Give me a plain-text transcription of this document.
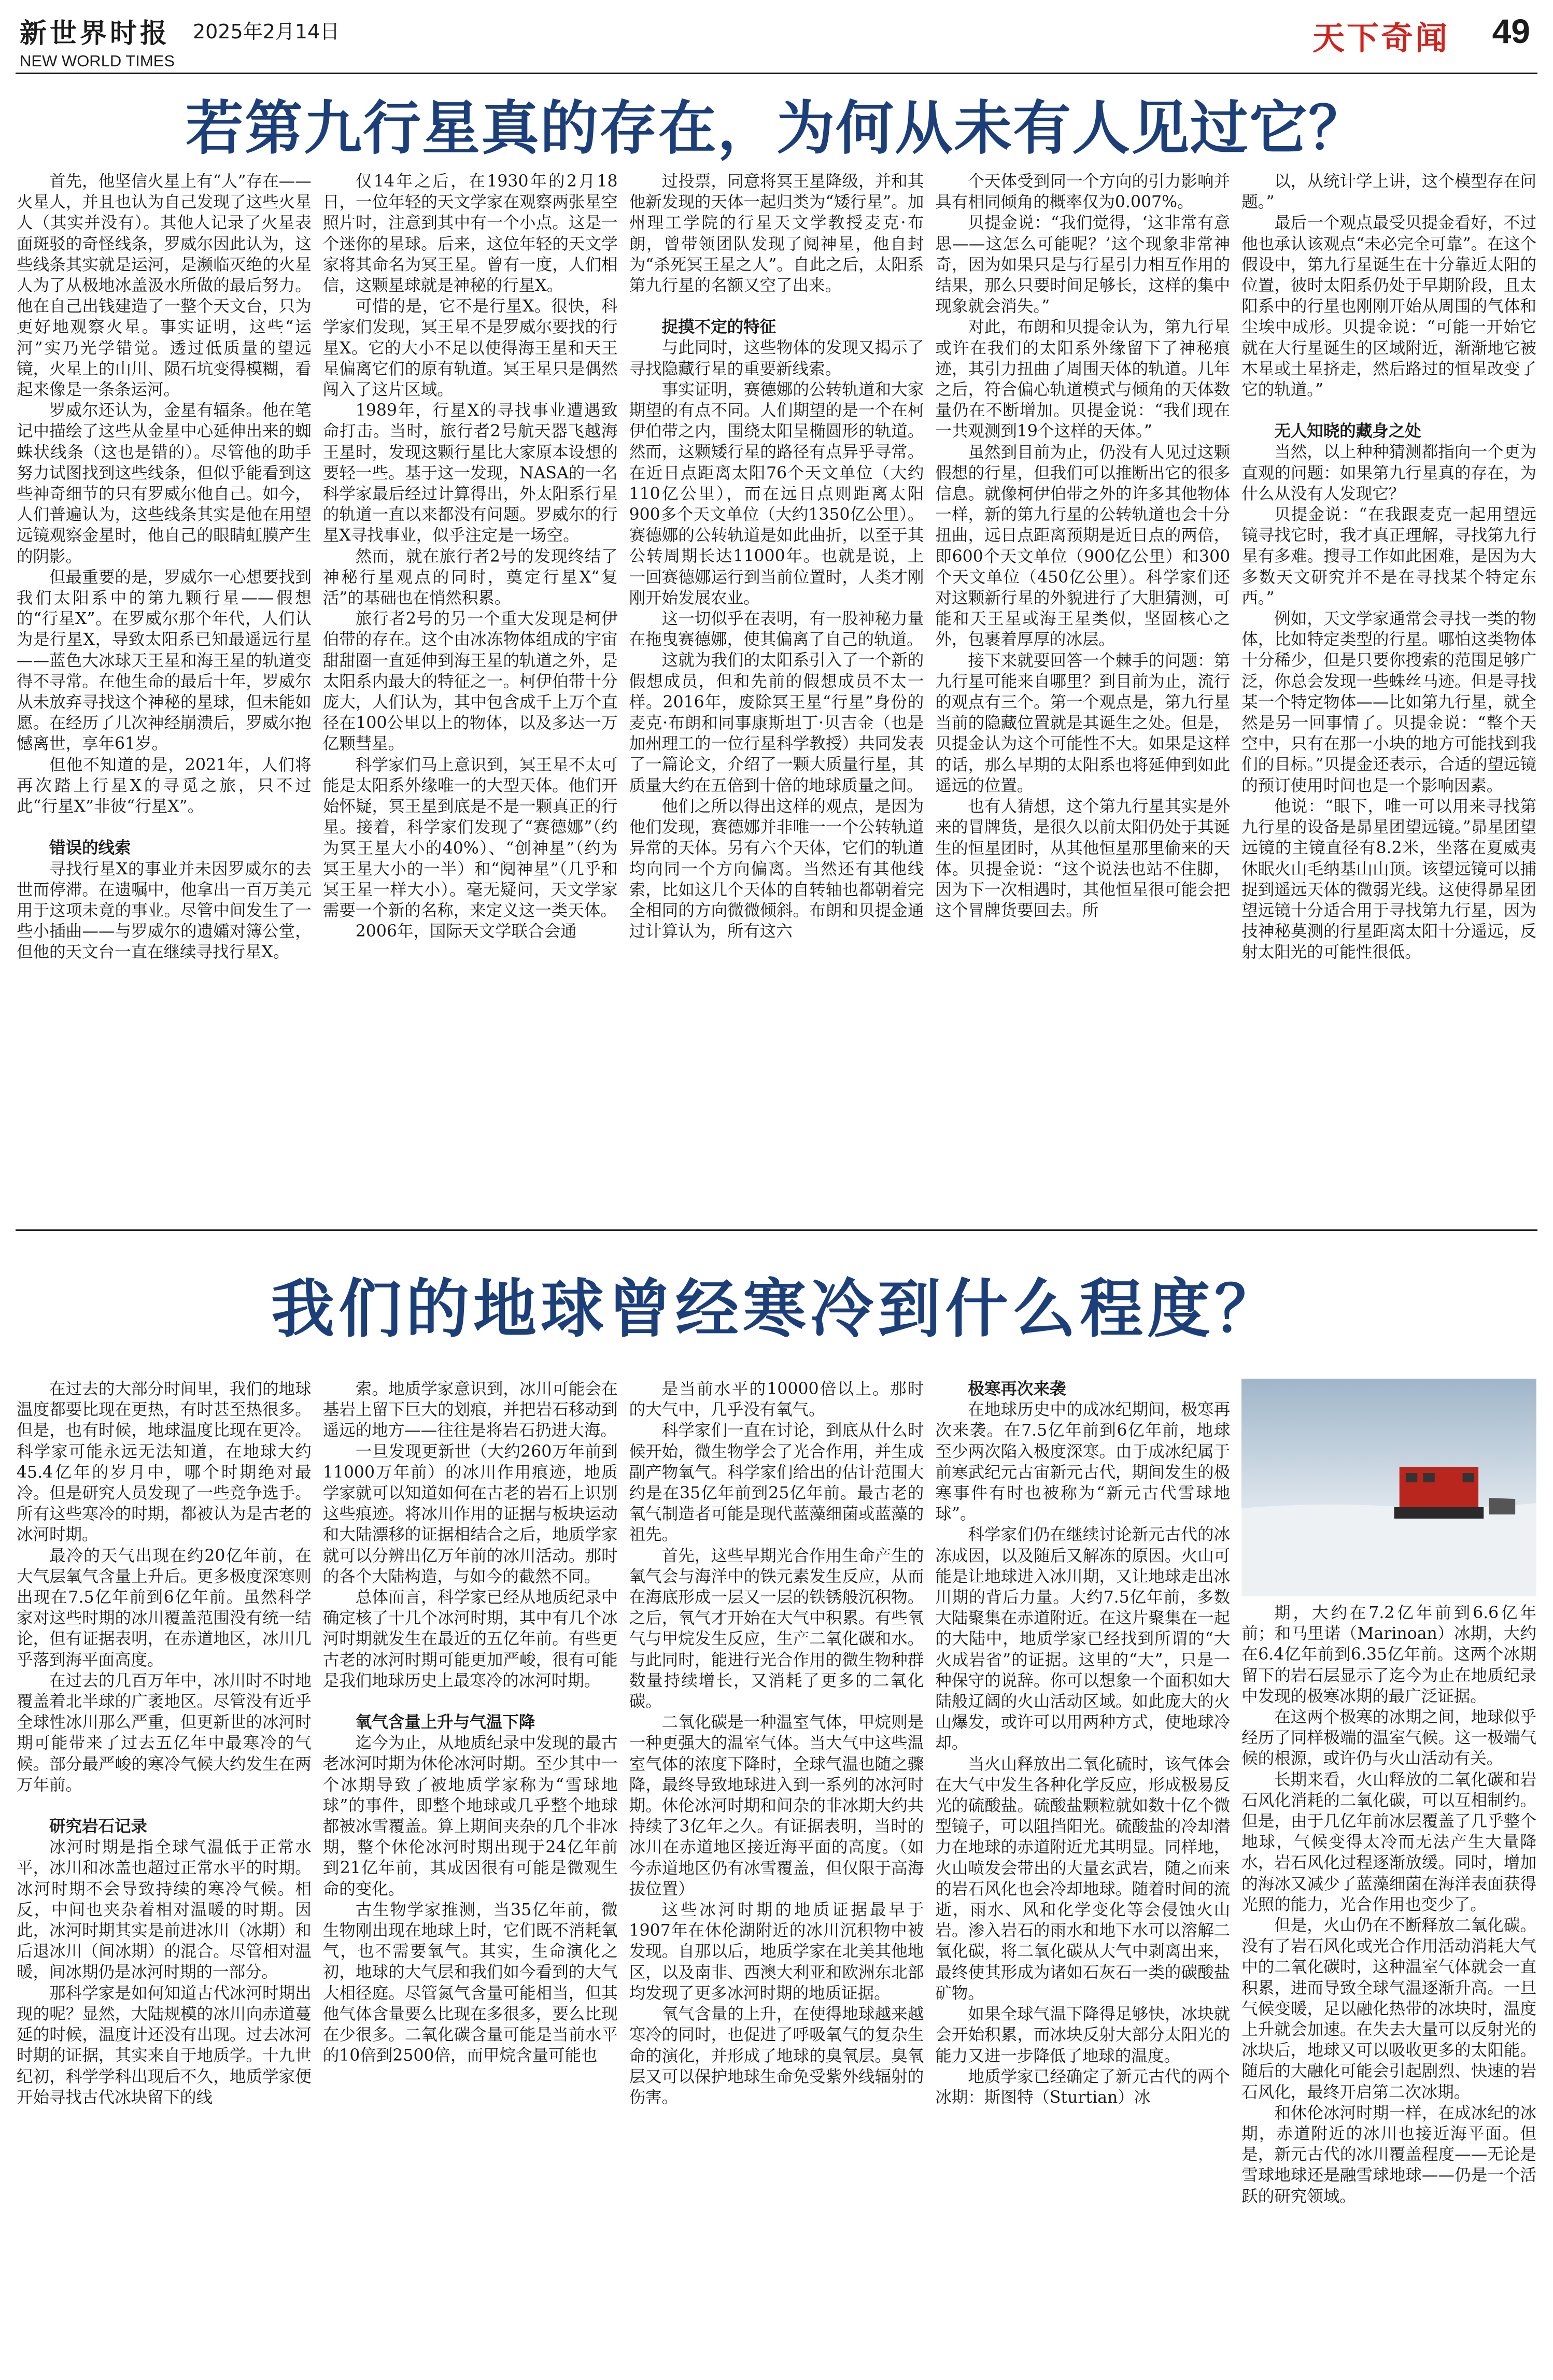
新世界时报 2025年2月14日
NEW WORLD TIMES
天下奇闻 49
若第九行星真的存在，为何从未有人见过它？

首先，他坚信火星上有“人”存在——火星人，并且也认为自己发现了这些火星人（其实并没有）。其他人记录了火星表面斑驳的奇怪线条，罗威尔因此认为，这些线条其实就是运河，是濒临灭绝的火星人为了从极地冰盖汲水所做的最后努力。他在自己出钱建造了一整个天文台，只为更好地观察火星。事实证明，这些“运河”实乃光学错觉。透过低质量的望远镜，火星上的山川、陨石坑变得模糊，看起来像是一条条运河。

罗威尔还认为，金星有辐条。他在笔记中描绘了这些从金星中心延伸出来的蜘蛛状线条（这也是错的）。尽管他的助手努力试图找到这些线条，但似乎能看到这些神奇细节的只有罗威尔他自己。如今，人们普遍认为，这些线条其实是他在用望远镜观察金星时，他自己的眼睛虹膜产生的阴影。

但最重要的是，罗威尔一心想要找到我们太阳系中的第九颗行星——假想的“行星X”。在罗威尔那个年代，人们认为是行星X，导致太阳系已知最遥远行星——蓝色大冰球天王星和海王星的轨道变得不寻常。在他生命的最后十年，罗威尔从未放弃寻找这个神秘的星球，但未能如愿。在经历了几次神经崩溃后，罗威尔抱憾离世，享年61岁。

但他不知道的是，2021年，人们将再次踏上行星X的寻觅之旅，只不过此“行星X”非彼“行星X”。

错误的线索

寻找行星X的事业并未因罗威尔的去世而停滞。在遗嘱中，他拿出一百万美元用于这项未竟的事业。尽管中间发生了一些小插曲——与罗威尔的遗孀对簿公堂，但他的天文台一直在继续寻找行星X。

仅14年之后，在1930年的2月18日，一位年轻的天文学家在观察两张星空照片时，注意到其中有一个小点。这是一个迷你的星球。后来，这位年轻的天文学家将其命名为冥王星。曾有一度，人们相信，这颗星球就是神秘的行星X。

可惜的是，它不是行星X。很快，科学家们发现，冥王星不是罗威尔要找的行星X。它的大小不足以使得海王星和天王星偏离它们的原有轨道。冥王星只是偶然闯入了这片区域。

1989年，行星X的寻找事业遭遇致命打击。当时，旅行者2号航天器飞越海王星时，发现这颗行星比大家原本设想的要轻一些。基于这一发现，NASA的一名科学家最后经过计算得出，外太阳系行星的轨道一直以来都没有问题。罗威尔的行星X寻找事业，似乎注定是一场空。

然而，就在旅行者2号的发现终结了神秘行星观点的同时，奠定行星X“复活”的基础也在悄然积累。

旅行者2号的另一个重大发现是柯伊伯带的存在。这个由冰冻物体组成的宇宙甜甜圈一直延伸到海王星的轨道之外，是太阳系内最大的特征之一。柯伊伯带十分庞大，人们认为，其中包含成千上万个直径在100公里以上的物体，以及多达一万亿颗彗星。

科学家们马上意识到，冥王星不太可能是太阳系外缘唯一的大型天体。他们开始怀疑，冥王星到底是不是一颗真正的行星。接着，科学家们发现了“赛德娜”（约为冥王星大小的40%）、“创神星”（约为冥王星大小的一半）和“阋神星”（几乎和冥王星一样大小）。毫无疑问，天文学家需要一个新的名称，来定义这一类天体。

2006年，国际天文学联合会通

过投票，同意将冥王星降级，并和其他新发现的天体一起归类为“矮行星”。加州理工学院的行星天文学教授麦克·布朗，曾带领团队发现了阋神星，他自封为“杀死冥王星之人”。自此之后，太阳系第九行星的名额又空了出来。

捉摸不定的特征

与此同时，这些物体的发现又揭示了寻找隐藏行星的重要新线索。

事实证明，赛德娜的公转轨道和大家期望的有点不同。人们期望的是一个在柯伊伯带之内，围绕太阳呈椭圆形的轨道。然而，这颗矮行星的路径有点异乎寻常。在近日点距离太阳76个天文单位（大约110亿公里），而在远日点则距离太阳900多个天文单位（大约1350亿公里）。赛德娜的公转轨道是如此曲折，以至于其公转周期长达11000年。也就是说，上一回赛德娜运行到当前位置时，人类才刚刚开始发展农业。

这一切似乎在表明，有一股神秘力量在拖曳赛德娜，使其偏离了自己的轨道。

这就为我们的太阳系引入了一个新的假想成员，但和先前的假想成员不太一样。2016年，废除冥王星“行星”身份的麦克·布朗和同事康斯坦丁·贝吉金（也是加州理工的一位行星科学教授）共同发表了一篇论文，介绍了一颗大质量行星，其质量大约在五倍到十倍的地球质量之间。

他们之所以得出这样的观点，是因为他们发现，赛德娜并非唯一一个公转轨道异常的天体。另有六个天体，它们的轨道均向同一个方向偏离。当然还有其他线索，比如这几个天体的自转轴也都朝着完全相同的方向微微倾斜。布朗和贝提金通过计算认为，所有这六

个天体受到同一个方向的引力影响并具有相同倾角的概率仅为0.007%。

贝提金说：“我们觉得，‘这非常有意思——这怎么可能呢？’这个现象非常神奇，因为如果只是与行星引力相互作用的结果，那么只要时间足够长，这样的集中现象就会消失。”

对此，布朗和贝提金认为，第九行星或许在我们的太阳系外缘留下了神秘痕迹，其引力扭曲了周围天体的轨道。几年之后，符合偏心轨道模式与倾角的天体数量仍在不断增加。贝提金说：“我们现在一共观测到19个这样的天体。”

虽然到目前为止，仍没有人见过这颗假想的行星，但我们可以推断出它的很多信息。就像柯伊伯带之外的许多其他物体一样，新的第九行星的公转轨道也会十分扭曲，远日点距离预期是近日点的两倍，即600个天文单位（900亿公里）和300个天文单位（450亿公里）。科学家们还对这颗新行星的外貌进行了大胆猜测，可能和天王星或海王星类似，坚固核心之外，包裹着厚厚的冰层。

接下来就要回答一个棘手的问题：第九行星可能来自哪里？到目前为止，流行的观点有三个。第一个观点是，第九行星当前的隐藏位置就是其诞生之处。但是，贝提金认为这个可能性不大。如果是这样的话，那么早期的太阳系也将延伸到如此遥远的位置。

也有人猜想，这个第九行星其实是外来的冒牌货，是很久以前太阳仍处于其诞生的恒星团时，从其他恒星那里偷来的天体。贝提金说：“这个说法也站不住脚，因为下一次相遇时，其他恒星很可能会把这个冒牌货要回去。所

以，从统计学上讲，这个模型存在问题。”

最后一个观点最受贝提金看好，不过他也承认该观点“未必完全可靠”。在这个假设中，第九行星诞生在十分靠近太阳的位置，彼时太阳系仍处于早期阶段，且太阳系中的行星也刚刚开始从周围的气体和尘埃中成形。贝提金说：“可能一开始它就在大行星诞生的区域附近，渐渐地它被木星或土星挤走，然后路过的恒星改变了它的轨道。”

无人知晓的藏身之处

当然，以上种种猜测都指向一个更为直观的问题：如果第九行星真的存在，为什么从没有人发现它？

贝提金说：“在我跟麦克一起用望远镜寻找它时，我才真正理解，寻找第九行星有多难。搜寻工作如此困难，是因为大多数天文研究并不是在寻找某个特定东西。”

例如，天文学家通常会寻找一类的物体，比如特定类型的行星。哪怕这类物体十分稀少，但是只要你搜索的范围足够广泛，你总会发现一些蛛丝马迹。但是寻找某一个特定物体——比如第九行星，就全然是另一回事情了。贝提金说：“整个天空中，只有在那一小块的地方可能找到我们的目标。”贝提金还表示，合适的望远镜的预订使用时间也是一个影响因素。

他说：“眼下，唯一可以用来寻找第九行星的设备是昴星团望远镜。”昴星团望远镜的主镜直径有8.2米，坐落在夏威夷休眠火山毛纳基山山顶。该望远镜可以捕捉到遥远天体的微弱光线。这使得昴星团望远镜十分适合用于寻找第九行星，因为技神秘莫测的行星距离太阳十分遥远，反射太阳光的可能性很低。

我们的地球曾经寒冷到什么程度？

在过去的大部分时间里，我们的地球温度都要比现在更热，有时甚至热很多。但是，也有时候，地球温度比现在更冷。科学家可能永远无法知道，在地球大约45.4亿年的岁月中，哪个时期绝对最冷。但是研究人员发现了一些竞争选手。所有这些寒冷的时期，都被认为是古老的冰河时期。

最冷的天气出现在约20亿年前，在大气层氧气含量上升后。更多极度深寒则出现在7.5亿年前到6亿年前。虽然科学家对这些时期的冰川覆盖范围没有统一结论，但有证据表明，在赤道地区，冰川几乎落到海平面高度。

在过去的几百万年中，冰川时不时地覆盖着北半球的广袤地区。尽管没有近乎全球性冰川那么严重，但更新世的冰河时期可能带来了过去五亿年中最寒冷的气候。部分最严峻的寒冷气候大约发生在两万年前。

研究岩石记录

冰河时期是指全球气温低于正常水平，冰川和冰盖也超过正常水平的时期。冰河时期不会导致持续的寒冷气候。相反，中间也夹杂着相对温暖的时期。因此，冰河时期其实是前进冰川（冰期）和后退冰川（间冰期）的混合。尽管相对温暖，间冰期仍是冰河时期的一部分。

那科学家是如何知道古代冰河时期出现的呢？显然，大陆规模的冰川向赤道蔓延的时候，温度计还没有出现。过去冰河时期的证据，其实来自于地质学。十九世纪初，科学学科出现后不久，地质学家便开始寻找古代冰块留下的线

索。地质学家意识到，冰川可能会在基岩上留下巨大的划痕，并把岩石移动到遥远的地方——往往是将岩石扔进大海。

一旦发现更新世（大约260万年前到11000万年前）的冰川作用痕迹，地质学家就可以知道如何在古老的岩石上识别这些痕迹。将冰川作用的证据与板块运动和大陆漂移的证据相结合之后，地质学家就可以分辨出亿万年前的冰川活动。那时的各个大陆构造，与如今的截然不同。

总体而言，科学家已经从地质纪录中确定核了十几个冰河时期，其中有几个冰河时期就发生在最近的五亿年前。有些更古老的冰河时期可能更加严峻，很有可能是我们地球历史上最寒冷的冰河时期。

氧气含量上升与气温下降

迄今为止，从地质纪录中发现的最古老冰河时期为休伦冰河时期。至少其中一个冰期导致了被地质学家称为“雪球地球”的事件，即整个地球或几乎整个地球都被冰雪覆盖。算上期间夹杂的几个非冰期，整个休伦冰河时期出现于24亿年前到21亿年前，其成因很有可能是微观生命的变化。

古生物学家推测，当35亿年前，微生物刚出现在地球上时，它们既不消耗氧气，也不需要氧气。其实，生命演化之初，地球的大气层和我们如今看到的大气大相径庭。尽管氮气含量可能相当，但其他气体含量要么比现在多很多，要么比现在少很多。二氧化碳含量可能是当前水平的10倍到2500倍，而甲烷含量可能也

是当前水平的10000倍以上。那时的大气中，几乎没有氧气。

科学家们一直在讨论，到底从什么时候开始，微生物学会了光合作用，并生成副产物氧气。科学家们给出的估计范围大约是在35亿年前到25亿年前。最古老的氧气制造者可能是现代蓝藻细菌或蓝藻的祖先。

首先，这些早期光合作用生命产生的氧气会与海洋中的铁元素发生反应，从而在海底形成一层又一层的铁锈般沉积物。之后，氧气才开始在大气中积累。有些氧气与甲烷发生反应，生产二氧化碳和水。与此同时，能进行光合作用的微生物种群数量持续增长，又消耗了更多的二氧化碳。

二氧化碳是一种温室气体，甲烷则是一种更强大的温室气体。当大气中这些温室气体的浓度下降时，全球气温也随之骤降，最终导致地球进入到一系列的冰河时期。休伦冰河时期和间杂的非冰期大约共持续了3亿年之久。有证据表明，当时的冰川在赤道地区接近海平面的高度。（如今赤道地区仍有冰雪覆盖，但仅限于高海拔位置）

这些冰河时期的地质证据最早于1907年在休伦湖附近的冰川沉积物中被发现。自那以后，地质学家在北美其他地区，以及南非、西澳大利亚和欧洲东北部均发现了更多冰河时期的地质证据。

氧气含量的上升，在使得地球越来越寒冷的同时，也促进了呼吸氧气的复杂生命的演化，并形成了地球的臭氧层。臭氧层又可以保护地球生命免受紫外线辐射的伤害。

极寒再次来袭

在地球历史中的成冰纪期间，极寒再次来袭。在7.5亿年前到6亿年前，地球至少两次陷入极度深寒。由于成冰纪属于前寒武纪元古宙新元古代，期间发生的极寒事件有时也被称为“新元古代雪球地球”。

科学家们仍在继续讨论新元古代的冰冻成因，以及随后又解冻的原因。火山可能是让地球进入冰川期，又让地球走出冰川期的背后力量。大约7.5亿年前，多数大陆聚集在赤道附近。在这片聚集在一起的大陆中，地质学家已经找到所谓的“大火成岩省”的证据。这里的“大”，只是一种保守的说辞。你可以想象一个面积如大陆般辽阔的火山活动区域。如此庞大的火山爆发，或许可以用两种方式，使地球冷却。

当火山释放出二氧化硫时，该气体会在大气中发生各种化学反应，形成极易反光的硫酸盐。硫酸盐颗粒就如数十亿个微型镜子，可以阻挡阳光。硫酸盐的冷却潜力在地球的赤道附近尤其明显。同样地，火山喷发会带出的大量玄武岩，随之而来的岩石风化也会冷却地球。随着时间的流逝，雨水、风和化学变化等会侵蚀火山岩。渗入岩石的雨水和地下水可以溶解二氧化碳，将二氧化碳从大气中剥离出来，最终使其形成为诸如石灰石一类的碳酸盐矿物。

如果全球气温下降得足够快，冰块就会开始积累，而冰块反射大部分太阳光的能力又进一步降低了地球的温度。

地质学家已经确定了新元古代的两个冰期：斯图特（Sturtian）冰

期，大约在7.2亿年前到6.6亿年前；和马里诺（Marinoan）冰期，大约在6.4亿年前到6.35亿年前。这两个冰期留下的岩石层显示了迄今为止在地质纪录中发现的极寒冰期的最广泛证据。

在这两个极寒的冰期之间，地球似乎经历了同样极端的温室气候。这一极端气候的根源，或许仍与火山活动有关。

长期来看，火山释放的二氧化碳和岩石风化消耗的二氧化碳，可以互相制约。但是，由于几亿年前冰层覆盖了几乎整个地球，气候变得太冷而无法产生大量降水，岩石风化过程逐渐放缓。同时，增加的海冰又减少了蓝藻细菌在海洋表面获得光照的能力，光合作用也变少了。

但是，火山仍在不断释放二氧化碳。没有了岩石风化或光合作用活动消耗大气中的二氧化碳时，这种温室气体就会一直积累，进而导致全球气温逐渐升高。一旦气候变暖，足以融化热带的冰块时，温度上升就会加速。在失去大量可以反射光的冰块后，地球又可以吸收更多的太阳能。随后的大融化可能会引起剧烈、快速的岩石风化，最终开启第二次冰期。

和休伦冰河时期一样，在成冰纪的冰期，赤道附近的冰川也接近海平面。但是，新元古代的冰川覆盖程度——无论是雪球地球还是融雪球地球——仍是一个活跃的研究领域。
